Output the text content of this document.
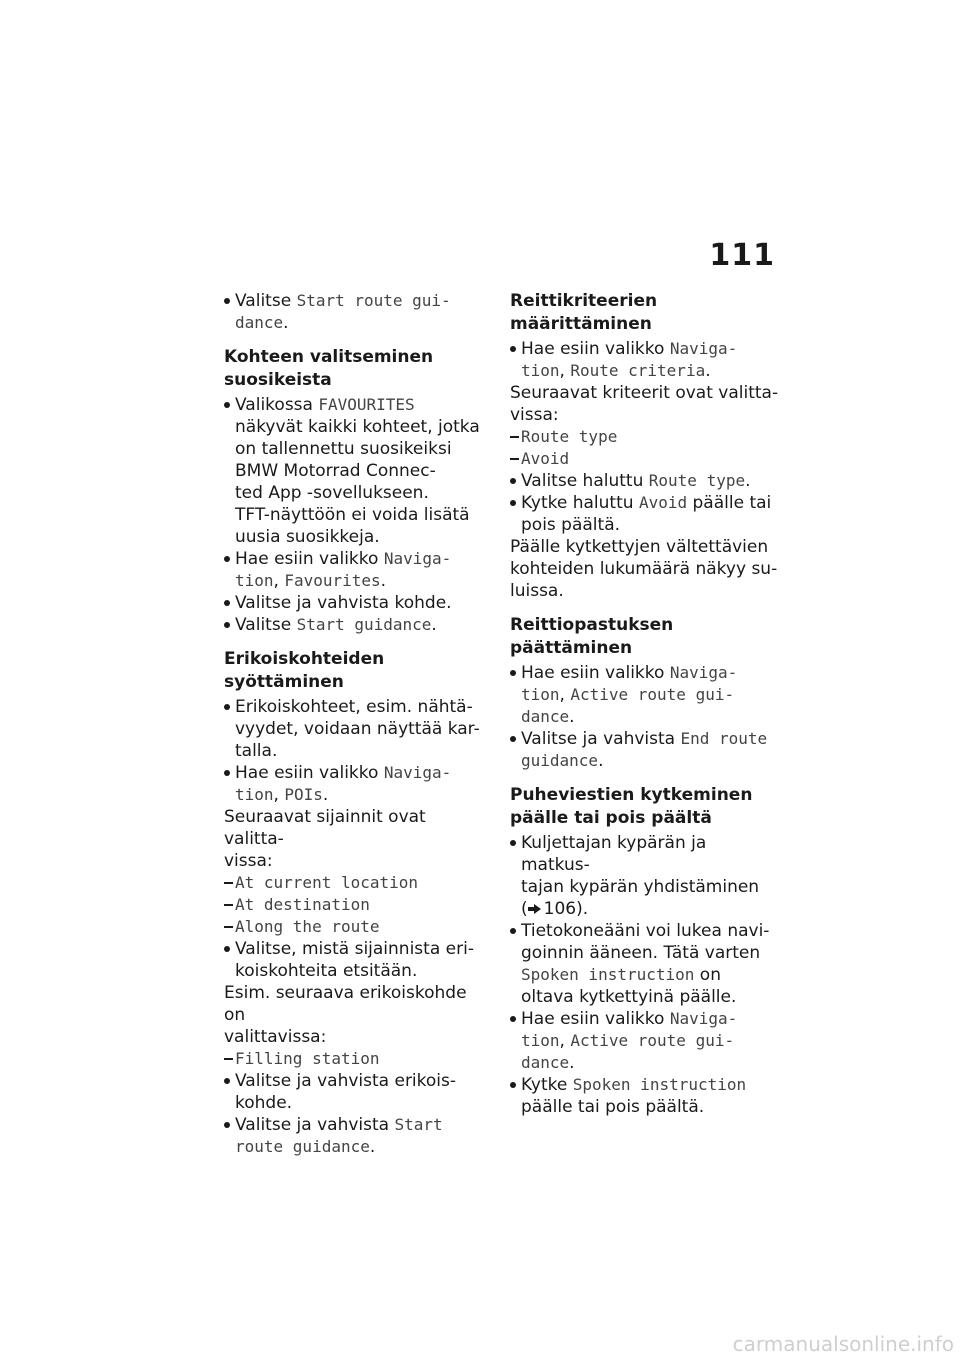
111
Valitse Start route gui-
dance.
Kohteen valitseminen
suosikeista
Valikossa FAVOURITES
näkyvät kaikki kohteet, jotka
on tallennettu suosikeiksi
BMW Motorrad Connec-
ted App -sovellukseen.
TFT-näyttöön ei voida lisätä
uusia suosikkeja.
Hae esiin valikko Naviga-
tion, Favourites.
Valitse ja vahvista kohde.
Valitse Start guidance.
Erikoiskohteiden syöttäminen
Erikoiskohteet, esim. nähtä-
vyydet, voidaan näyttää kar-
talla.
Hae esiin valikko Naviga-
tion, POIs.
Seuraavat sijainnit ovat valitta-
vissa:
At current location
At destination
Along the route
Valitse, mistä sijainnista eri-
koiskohteita etsitään.
Esim. seuraava erikoiskohde on
valittavissa:
Filling station
Valitse ja vahvista erikois-
kohde.
Valitse ja vahvista Start
route guidance.
Reittikriteerien määrittäminen
Hae esiin valikko Naviga-
tion, Route criteria.
Seuraavat kriteerit ovat valitta-
vissa:
Route type
Avoid
Valitse haluttu Route type.
Kytke haluttu Avoid päälle tai
pois päältä.
Päälle kytkettyjen vältettävien
kohteiden lukumäärä näkyy su-
luissa.
Reittiopastuksen päättäminen
Hae esiin valikko Naviga-
tion, Active route gui-
dance.
Valitse ja vahvista End route
guidance.
Puheviestien kytkeminen
päälle tai pois päältä
Kuljettajan kypärän ja matkus-
tajan kypärän yhdistäminen
( 106).
Tietokoneääni voi lukea navi-
goinnin ääneen. Tätä varten
Spoken instruction on
oltava kytkettyinä päälle.
Hae esiin valikko Naviga-
tion, Active route gui-
dance.
Kytke Spoken instruction
päälle tai pois päältä.
carmanualsonline.info
